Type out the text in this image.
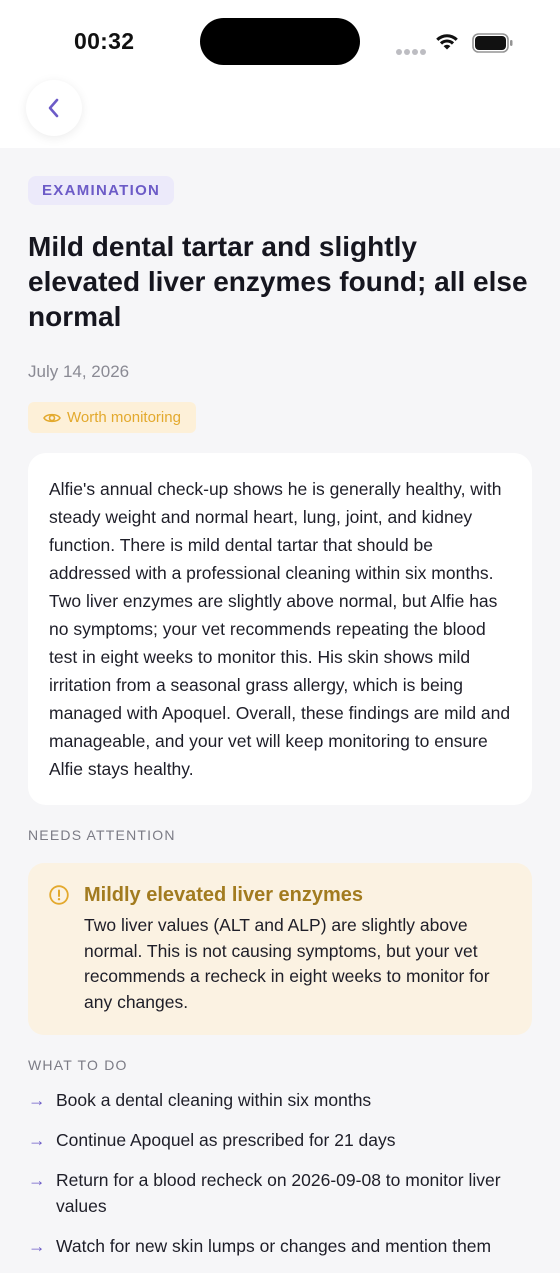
00:32
EXAMINATION
Mild dental tartar and slightly elevated liver enzymes found; all else normal
July 14, 2026
Worth monitoring
Alfie's annual check-up shows he is generally healthy, with steady weight and normal heart, lung, joint, and kidney function. There is mild dental tartar that should be addressed with a professional cleaning within six months. Two liver enzymes are slightly above normal, but Alfie has no symptoms; your vet recommends repeating the blood test in eight weeks to monitor this. His skin shows mild irritation from a seasonal grass allergy, which is being managed with Apoquel. Overall, these findings are mild and manageable, and your vet will keep monitoring to ensure Alfie stays healthy.
NEEDS ATTENTION
Mildly elevated liver enzymes
Two liver values (ALT and ALP) are slightly above normal. This is not causing symptoms, but your vet recommends a recheck in eight weeks to monitor for any changes.
WHAT TO DO
→ Book a dental cleaning within six months
→ Continue Apoquel as prescribed for 21 days
→ Return for a blood recheck on 2026-09-08 to monitor liver values
→ Watch for new skin lumps or changes and mention them
